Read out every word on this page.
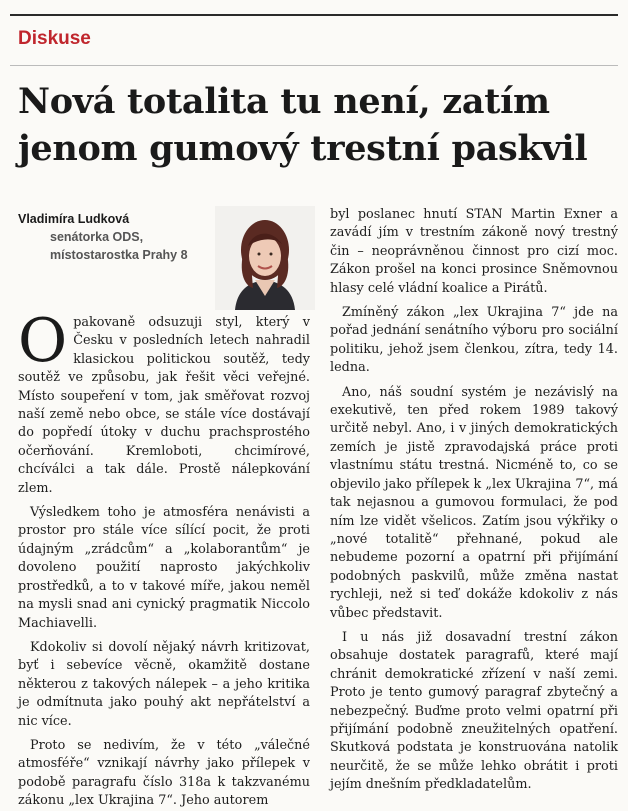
Diskuse
Nová totalita tu není, zatím jenom gumový trestní paskvil
Vladimíra Ludková
senátorka ODS,
místostarostka Prahy 8

Opakovaně odsuzuji styl, který v Česku v posledních letech nahradil klasickou politickou soutěž, tedy soutěž ve způsobu, jak řešit věci veřejné. Místo soupeření v tom, jak směřovat rozvoj naší země nebo obce, se stále více dostávají do popředí útoky v duchu prachsprostého očerňování. Kremloboti, chcimírové, chcíválci a tak dále. Prostě nálepkování zlem.

Výsledkem toho je atmosféra nenávisti a prostor pro stále více sílící pocit, že proti údajným „zrádcům“ a „kolaborantům“ je dovoleno použití naprosto jakýchkoliv prostředků, a to v takové míře, jakou neměl na mysli snad ani cynický pragmatik Niccolo Machiavelli.

Kdokoliv si dovolí nějaký návrh kritizovat, byť i sebevíce věcně, okamžitě dostane některou z takových nálepek – a jeho kritika je odmítnuta jako pouhý akt nepřátelství a nic více.

Proto se nedivím, že v této „válečné atmosféře“ vznikají návrhy jako přílepek v podobě paragrafu číslo 318a k takzvanému zákonu „lex Ukrajina 7“. Jeho autorem

byl poslanec hnutí STAN Martin Exner a zavádí jím v trestním zákoně nový trestný čin – neoprávněnou činnost pro cizí moc. Zákon prošel na konci prosince Sněmovnou hlasy celé vládní koalice a Pirátů.

Zmíněný zákon „lex Ukrajina 7“ jde na pořad jednání senátního výboru pro sociální politiku, jehož jsem členkou, zítra, tedy 14. ledna.

Ano, náš soudní systém je nezávislý na exekutivě, ten před rokem 1989 takový určitě nebyl. Ano, i v jiných demokratických zemích je jistě zpravodajská práce proti vlastnímu státu trestná. Nicméně to, co se objevilo jako přílepek k „lex Ukrajina 7“, má tak nejasnou a gumovou formulaci, že pod ním lze vidět všelicos. Zatím jsou výkřiky o „nové totalitě“ přehnané, pokud ale nebudeme pozorní a opatrní při přijímání podobných paskvilů, může změna nastat rychleji, než si teď dokáže kdokoliv z nás vůbec představit.

I u nás již dosavadní trestní zákon obsahuje dostatek paragrafů, které mají chránit demokratické zřízení v naší zemi. Proto je tento gumový paragraf zbytečný a nebezpečný. Buďme proto velmi opatrní při přijímání podobně zneužitelných opatření. Skutková podstata je konstruována natolik neurčitě, že se může lehko obrátit i proti jejím dnešním předkladatelům.
